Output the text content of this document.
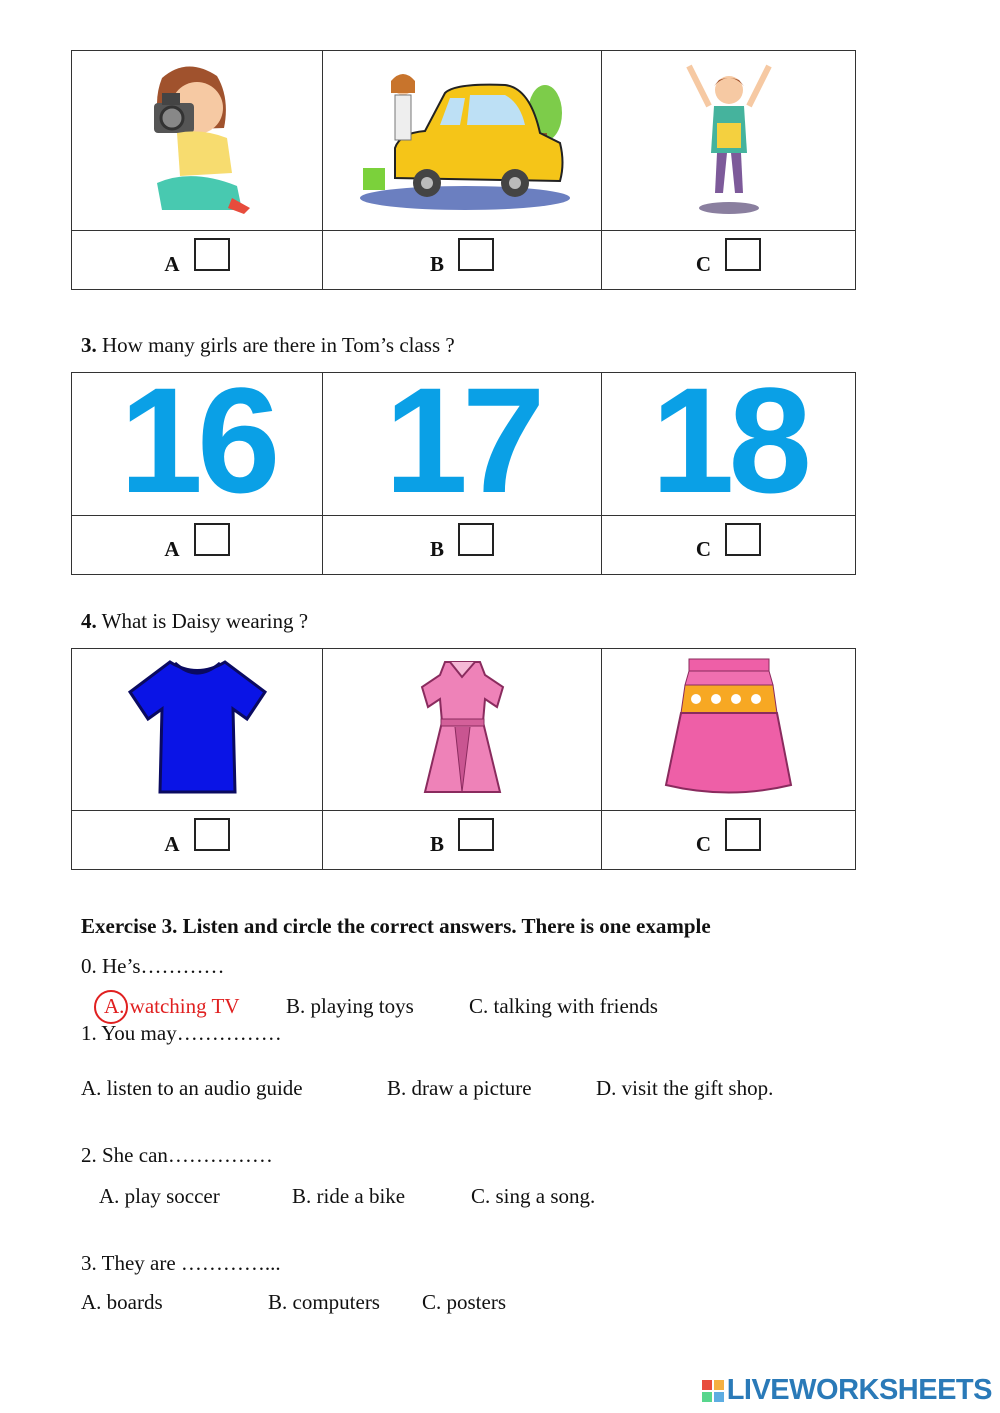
A	B	C
3. How many girls are there in Tom’s class ?
16	17	18

A	B	C
4. What is Daisy wearing ?

A	B	C
Exercise 3. Listen and circle the correct answers. There is one example
0. He’s…………
A. watching TV B. playing toys	C. talking with friends
1. You may……………
A. listen to an audio guide	B. draw a picture	D. visit the gift shop.
2. She can……………
A. play soccer	B. ride a bike	C. sing a song.
3. They are …………...
A. boards	B. computers C. posters
LIVEWORKSHEETS
